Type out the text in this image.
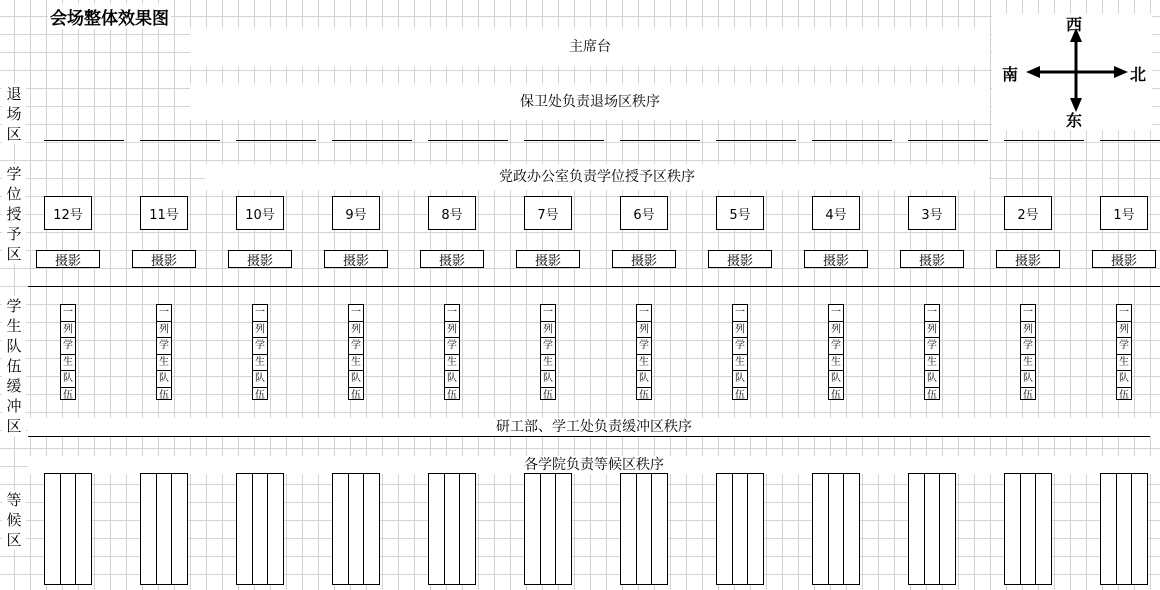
会场整体效果图
主席台
保卫处负责退场区秩序
党政办公室负责学位授予区秩序
研工部、学工处负责缓冲区秩序
各学院负责等候区秩序
退场区
学位授予区
学生队伍缓冲区
等候区
西
东
南	北
12号
摄影
一
列
学
生
队
伍
11号
摄影
一
列
学
生
队
伍
10号
摄影
一
列
学
生
队
伍
9号
摄影
一
列
学
生
队
伍
8号
摄影
一
列
学
生
队
伍
7号
摄影
一
列
学
生
队
伍
6号
摄影
一
列
学
生
队
伍
5号
摄影
一
列
学
生
队
伍
4号
摄影
一
列
学
生
队
伍
3号
摄影
一
列
学
生
队
伍
2号
摄影
一
列
学
生
队
伍
1号
摄影
一
列
学
生
队
伍
